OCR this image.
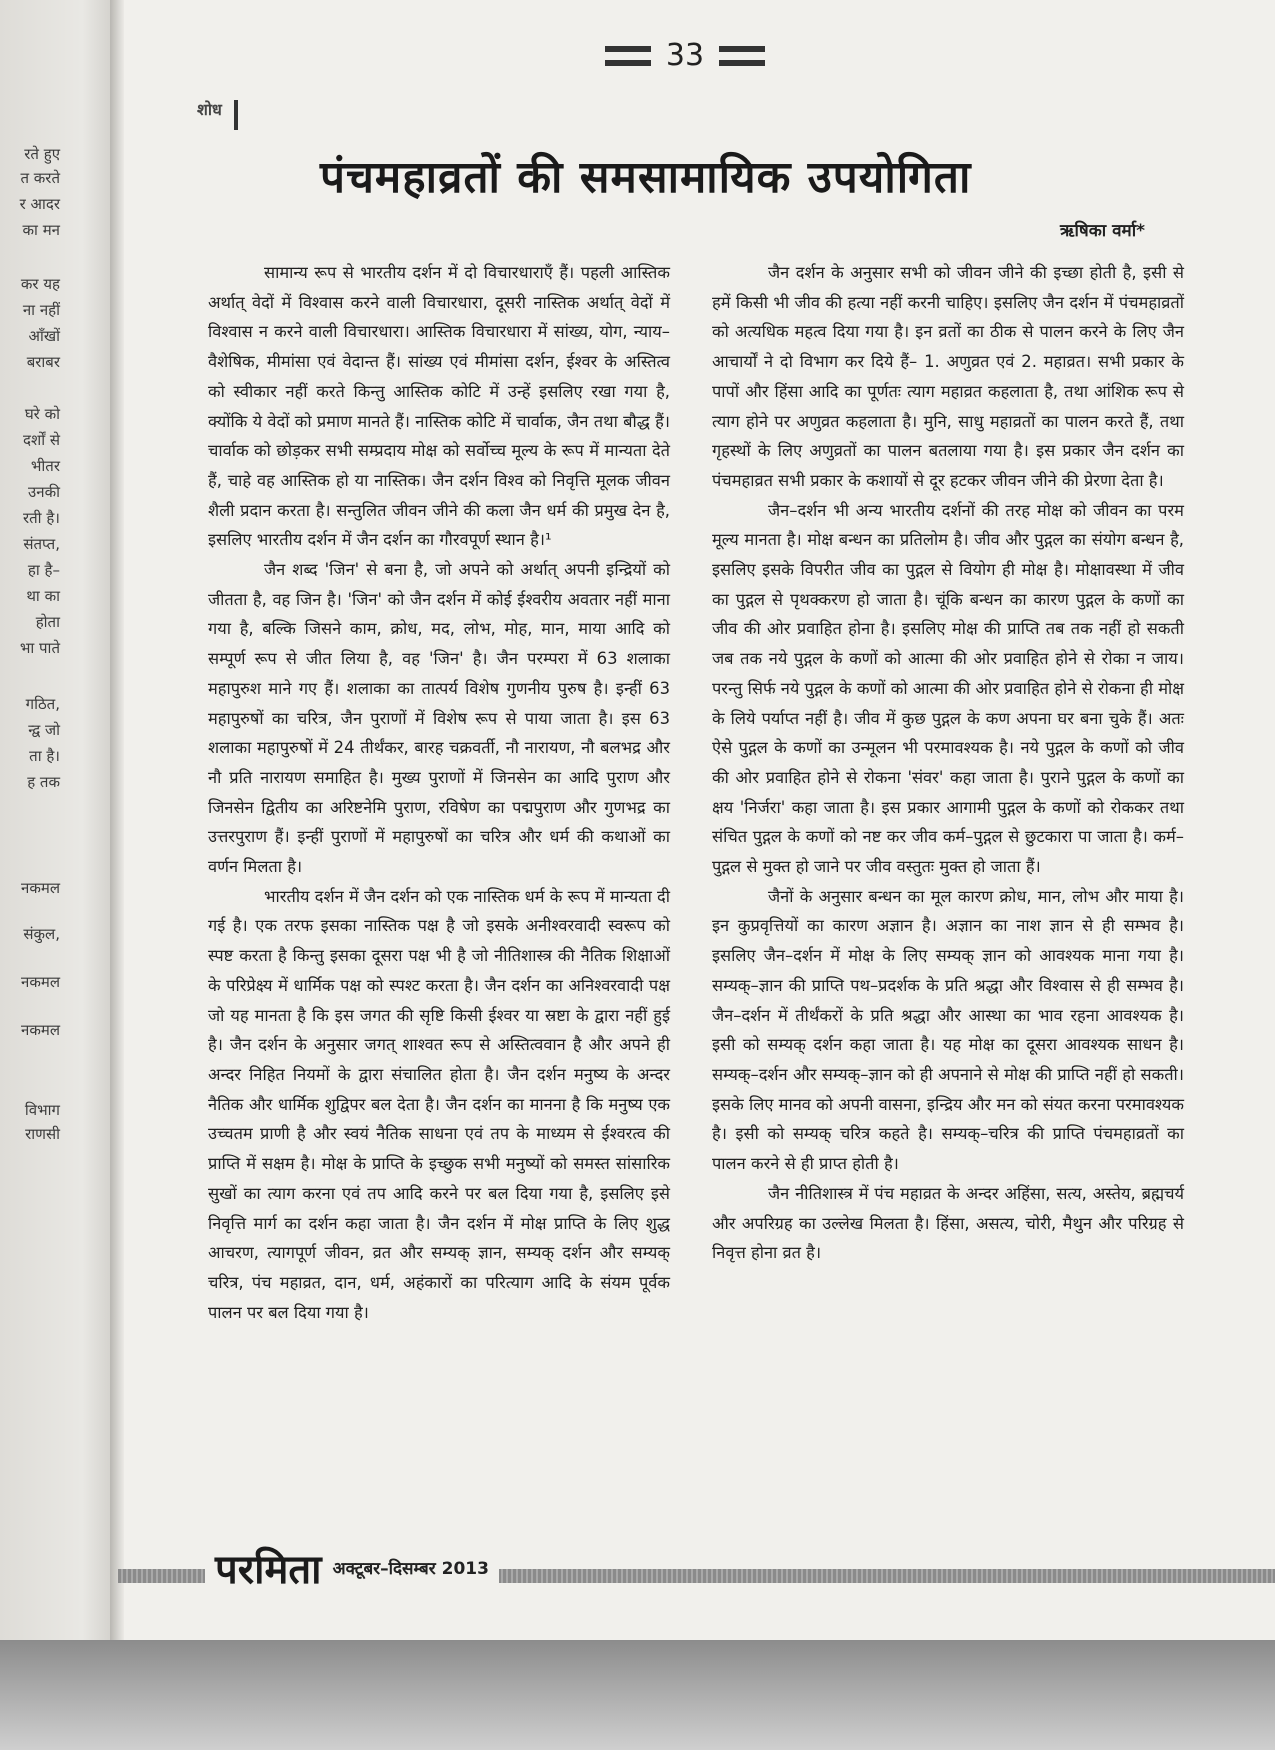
रते हुए
त करते
र आदर
का मन
कर यह
ना नहीं
आँखों
बराबर
घरे को
दर्शों से
भीतर
उनकी
रती है।
संतप्त,
हा है–
था का
होता
भा पाते
गठित,
न्द्व जो
ता है।
ह तक
नकमल
संकुल,
नकमल
नकमल
विभाग
राणसी
33
शोध
पंचमहाव्रतों की समसामायिक उपयोगिता
ऋषिका वर्मा*

सामान्य रूप से भारतीय दर्शन में दो विचारधाराएँ हैं। पहली आस्तिक अर्थात् वेदों में विश्वास करने वाली विचारधारा, दूसरी नास्तिक अर्थात् वेदों में विश्वास न करने वाली विचारधारा। आस्तिक विचारधारा में सांख्य, योग, न्याय–वैशेषिक, मीमांसा एवं वेदान्त हैं। सांख्य एवं मीमांसा दर्शन, ईश्वर के अस्तित्व को स्वीकार नहीं करते किन्तु आस्तिक कोटि में उन्हें इसलिए रखा गया है, क्योंकि ये वेदों को प्रमाण मानते हैं। नास्तिक कोटि में चार्वाक, जैन तथा बौद्ध हैं। चार्वाक को छोड़कर सभी सम्प्रदाय मोक्ष को सर्वोच्च मूल्य के रूप में मान्यता देते हैं, चाहे वह आस्तिक हो या नास्तिक। जैन दर्शन विश्व को निवृत्ति मूलक जीवन शैली प्रदान करता है। सन्तुलित जीवन जीने की कला जैन धर्म की प्रमुख देन है, इसलिए भारतीय दर्शन में जैन दर्शन का गौरवपूर्ण स्थान है।¹

जैन शब्द 'जिन' से बना है, जो अपने को अर्थात् अपनी इन्द्रियों को जीतता है, वह जिन है। 'जिन' को जैन दर्शन में कोई ईश्वरीय अवतार नहीं माना गया है, बल्कि जिसने काम, क्रोध, मद, लोभ, मोह, मान, माया आदि को सम्पूर्ण रूप से जीत लिया है, वह 'जिन' है। जैन परम्परा में 63 शलाका महापुरुश माने गए हैं। शलाका का तात्पर्य विशेष गुणनीय पुरुष है। इन्हीं 63 महापुरुषों का चरित्र, जैन पुराणों में विशेष रूप से पाया जाता है। इस 63 शलाका महापुरुषों में 24 तीर्थंकर, बारह चक्रवर्ती, नौ नारायण, नौ बलभद्र और नौ प्रति नारायण समाहित है। मुख्य पुराणों में जिनसेन का आदि पुराण और जिनसेन द्वितीय का अरिष्टनेमि पुराण, रविषेण का पद्मपुराण और गुणभद्र का उत्तरपुराण हैं। इन्हीं पुराणों में महापुरुषों का चरित्र और धर्म की कथाओं का वर्णन मिलता है।

भारतीय दर्शन में जैन दर्शन को एक नास्तिक धर्म के रूप में मान्यता दी गई है। एक तरफ इसका नास्तिक पक्ष है जो इसके अनीश्वरवादी स्वरूप को स्पष्ट करता है किन्तु इसका दूसरा पक्ष भी है जो नीतिशास्त्र की नैतिक शिक्षाओं के परिप्रेक्ष्य में धार्मिक पक्ष को स्पश्ट करता है। जैन दर्शन का अनिश्वरवादी पक्ष जो यह मानता है कि इस जगत की सृष्टि किसी ईश्वर या स्रष्टा के द्वारा नहीं हुई है। जैन दर्शन के अनुसार जगत् शाश्वत रूप से अस्तित्ववान है और अपने ही अन्दर निहित नियमों के द्वारा संचालित होता है। जैन दर्शन मनुष्य के अन्दर नैतिक और धार्मिक शुद्विपर बल देता है। जैन दर्शन का मानना है कि मनुष्य एक उच्चतम प्राणी है और स्वयं नैतिक साधना एवं तप के माध्यम से ईश्वरत्व की प्राप्ति में सक्षम है। मोक्ष के प्राप्ति के इच्छुक सभी मनुष्यों को समस्त सांसारिक सुखों का त्याग करना एवं तप आदि करने पर बल दिया गया है, इसलिए इसे निवृत्ति मार्ग का दर्शन कहा जाता है। जैन दर्शन में मोक्ष प्राप्ति के लिए शुद्ध आचरण, त्यागपूर्ण जीवन, व्रत और सम्यक् ज्ञान, सम्यक् दर्शन और सम्यक् चरित्र, पंच महाव्रत, दान, धर्म, अहंकारों का परित्याग आदि के संयम पूर्वक पालन पर बल दिया गया है।

जैन दर्शन के अनुसार सभी को जीवन जीने की इच्छा होती है, इसी से हमें किसी भी जीव की हत्या नहीं करनी चाहिए। इसलिए जैन दर्शन में पंचमहाव्रतों को अत्यधिक महत्व दिया गया है। इन व्रतों का ठीक से पालन करने के लिए जैन आचार्यों ने दो विभाग कर दिये हैं– 1. अणुव्रत एवं 2. महाव्रत। सभी प्रकार के पापों और हिंसा आदि का पूर्णतः त्याग महाव्रत कहलाता है, तथा आंशिक रूप से त्याग होने पर अणुव्रत कहलाता है। मुनि, साधु महाव्रतों का पालन करते हैं, तथा गृहस्थों के लिए अणुव्रतों का पालन बतलाया गया है। इस प्रकार जैन दर्शन का पंचमहाव्रत सभी प्रकार के कशायों से दूर हटकर जीवन जीने की प्रेरणा देता है।

जैन–दर्शन भी अन्य भारतीय दर्शनों की तरह मोक्ष को जीवन का परम मूल्य मानता है। मोक्ष बन्धन का प्रतिलोम है। जीव और पुद्गल का संयोग बन्धन है, इसलिए इसके विपरीत जीव का पुद्गल से वियोग ही मोक्ष है। मोक्षावस्था में जीव का पुद्गल से पृथक्करण हो जाता है। चूंकि बन्धन का कारण पुद्गल के कणों का जीव की ओर प्रवाहित होना है। इसलिए मोक्ष की प्राप्ति तब तक नहीं हो सकती जब तक नये पुद्गल के कणों को आत्मा की ओर प्रवाहित होने से रोका न जाय। परन्तु सिर्फ नये पुद्गल के कणों को आत्मा की ओर प्रवाहित होने से रोकना ही मोक्ष के लिये पर्याप्त नहीं है। जीव में कुछ पुद्गल के कण अपना घर बना चुके हैं। अतः ऐसे पुद्गल के कणों का उन्मूलन भी परमावश्यक है। नये पुद्गल के कणों को जीव की ओर प्रवाहित होने से रोकना 'संवर' कहा जाता है। पुराने पुद्गल के कणों का क्षय 'निर्जरा' कहा जाता है। इस प्रकार आगामी पुद्गल के कणों को रोककर तथा संचित पुद्गल के कणों को नष्ट कर जीव कर्म–पुद्गल से छुटकारा पा जाता है। कर्म–पुद्गल से मुक्त हो जाने पर जीव वस्तुतः मुक्त हो जाता हैं।

जैनों के अनुसार बन्धन का मूल कारण क्रोध, मान, लोभ और माया है। इन कुप्रवृत्तियों का कारण अज्ञान है। अज्ञान का नाश ज्ञान से ही सम्भव है। इसलिए जैन–दर्शन में मोक्ष के लिए सम्यक् ज्ञान को आवश्यक माना गया है। सम्यक्–ज्ञान की प्राप्ति पथ–प्रदर्शक के प्रति श्रद्धा और विश्वास से ही सम्भव है। जैन–दर्शन में तीर्थंकरों के प्रति श्रद्धा और आस्था का भाव रहना आवश्यक है। इसी को सम्यक् दर्शन कहा जाता है। यह मोक्ष का दूसरा आवश्यक साधन है। सम्यक्–दर्शन और सम्यक्–ज्ञान को ही अपनाने से मोक्ष की प्राप्ति नहीं हो सकती। इसके लिए मानव को अपनी वासना, इन्द्रिय और मन को संयत करना परमावश्यक है। इसी को सम्यक् चरित्र कहते है। सम्यक्–चरित्र की प्राप्ति पंचमहाव्रतों का पालन करने से ही प्राप्त होती है।

जैन नीतिशास्त्र में पंच महाव्रत के अन्दर अहिंसा, सत्य, अस्तेय, ब्रह्मचर्य और अपरिग्रह का उल्लेख मिलता है। हिंसा, असत्य, चोरी, मैथुन और परिग्रह से निवृत्त होना व्रत है।

परमिता अक्टूबर–दिसम्बर 2013
